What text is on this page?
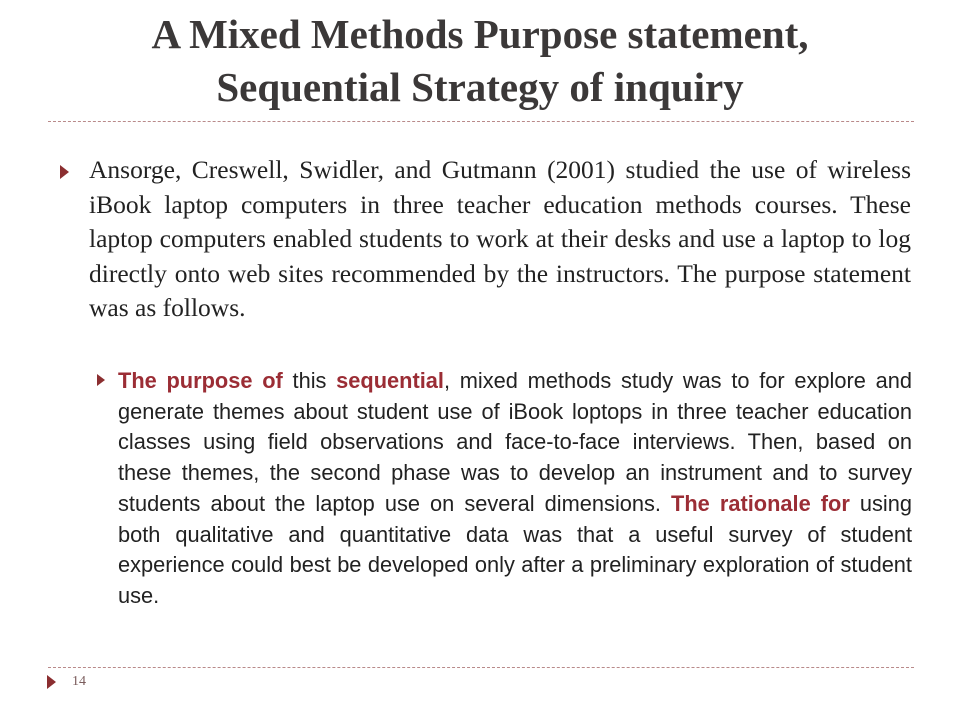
A Mixed Methods Purpose statement,
Sequential Strategy of inquiry
Ansorge, Creswell, Swidler, and Gutmann (2001) studied the use of wireless iBook laptop computers in three teacher education methods courses. These laptop computers enabled students to work at their desks and use a laptop to log directly onto web sites recommended by the instructors. The purpose statement was as follows.
The purpose of this sequential, mixed methods study was to for explore and generate themes about student use of iBook loptops in three teacher education classes using field observations and face-to-face interviews. Then, based on these themes, the second phase was to develop an instrument and to survey students about the laptop use on several dimensions. The rationale for using both qualitative and quantitative data was that a useful survey of student experience could best be developed only after a preliminary exploration of student use.
14
